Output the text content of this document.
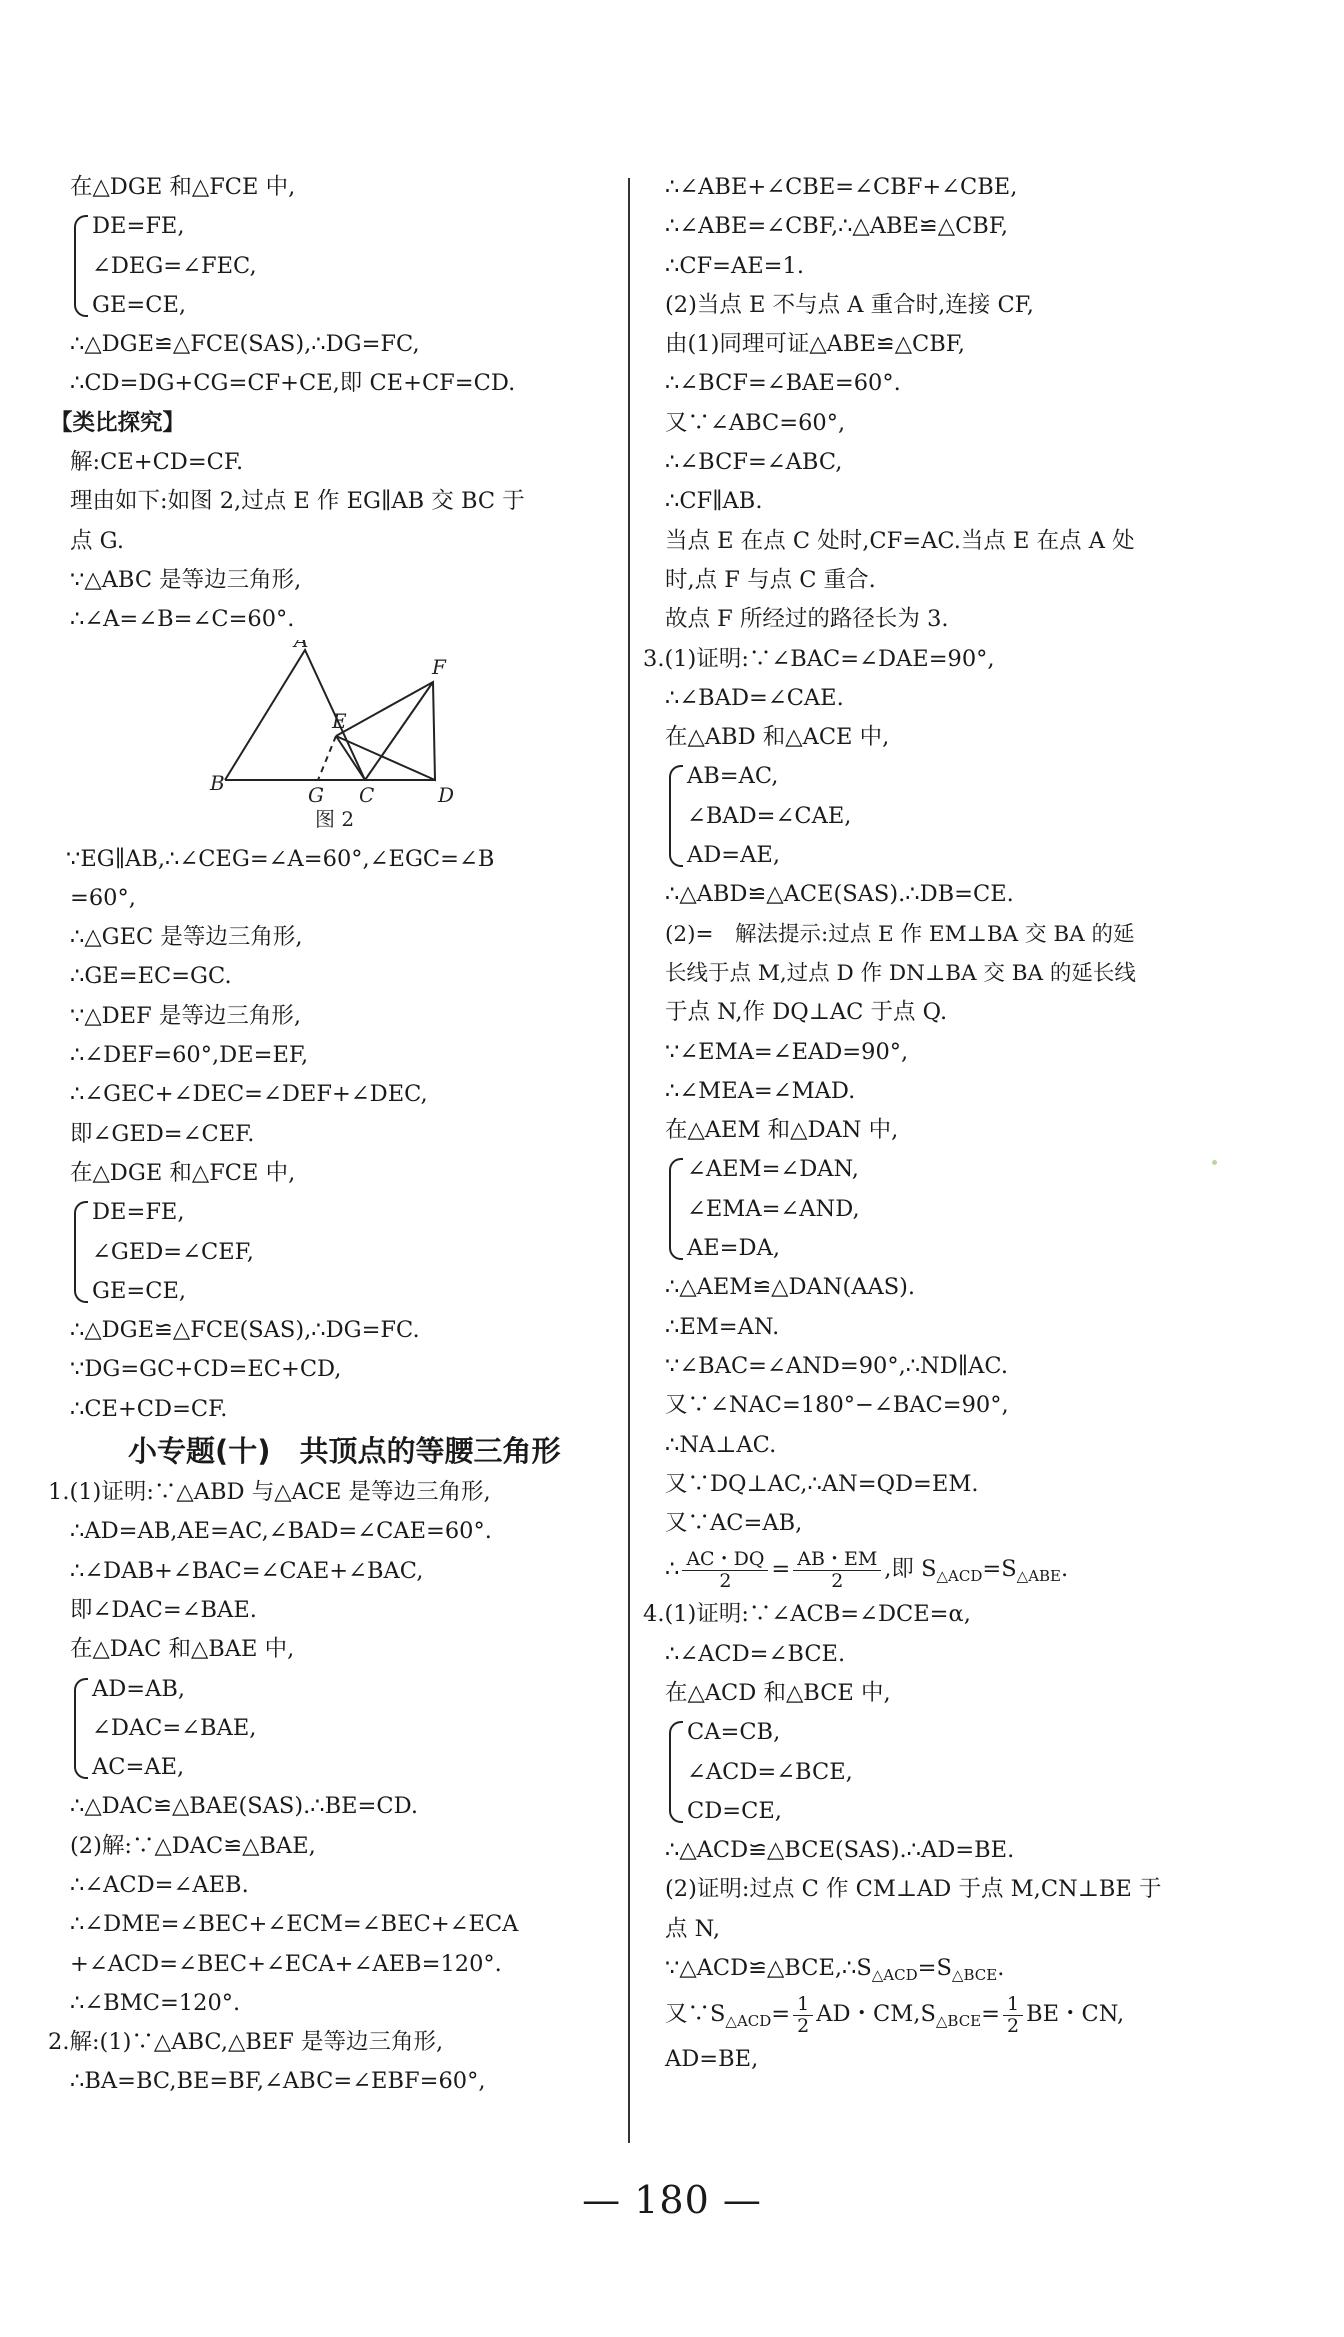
在△DGE 和△FCE 中,
DE=FE,
∠DEG=∠FEC,
GE=CE,
∴△DGE≌△FCE(SAS),∴DG=FC,
∴CD=DG+CG=CF+CE,即 CE+CF=CD.
【类比探究】
解:CE+CD=CF.
理由如下:如图 2,过点 E 作 EG∥AB 交 BC 于
点 G.
∵△ABC 是等边三角形,
∴∠A=∠B=∠C=60°.
A
B	C	D
E
F
G
图 2
∵EG∥AB,∴∠CEG=∠A=60°,∠EGC=∠B
=60°,
∴△GEC 是等边三角形,
∴GE=EC=GC.
∵△DEF 是等边三角形,
∴∠DEF=60°,DE=EF,
∴∠GEC+∠DEC=∠DEF+∠DEC,
即∠GED=∠CEF.
在△DGE 和△FCE 中,
DE=FE,
∠GED=∠CEF,
GE=CE,
∴△DGE≌△FCE(SAS),∴DG=FC.
∵DG=GC+CD=EC+CD,
∴CE+CD=CF.
小专题(十)　共顶点的等腰三角形
1.(1)证明:∵△ABD 与△ACE 是等边三角形,
∴AD=AB,AE=AC,∠BAD=∠CAE=60°.
∴∠DAB+∠BAC=∠CAE+∠BAC,
即∠DAC=∠BAE.
在△DAC 和△BAE 中,
AD=AB,
∠DAC=∠BAE,
AC=AE,
∴△DAC≌△BAE(SAS).∴BE=CD.
(2)解:∵△DAC≌△BAE,
∴∠ACD=∠AEB.
∴∠DME=∠BEC+∠ECM=∠BEC+∠ECA
+∠ACD=∠BEC+∠ECA+∠AEB=120°.
∴∠BMC=120°.
2.解:(1)∵△ABC,△BEF 是等边三角形,
∴BA=BC,BE=BF,∠ABC=∠EBF=60°,
∴∠ABE+∠CBE=∠CBF+∠CBE,
∴∠ABE=∠CBF,∴△ABE≌△CBF,
∴CF=AE=1.
(2)当点 E 不与点 A 重合时,连接 CF,
由(1)同理可证△ABE≌△CBF,
∴∠BCF=∠BAE=60°.
又∵∠ABC=60°,
∴∠BCF=∠ABC,
∴CF∥AB.
当点 E 在点 C 处时,CF=AC.当点 E 在点 A 处
时,点 F 与点 C 重合.
故点 F 所经过的路径长为 3.
3.(1)证明:∵∠BAC=∠DAE=90°,
∴∠BAD=∠CAE.
在△ABD 和△ACE 中,
AB=AC,
∠BAD=∠CAE,
AD=AE,
∴△ABD≌△ACE(SAS).∴DB=CE.
(2)=　解法提示:过点 E 作 EM⊥BA 交 BA 的延
长线于点 M,过点 D 作 DN⊥BA 交 BA 的延长线
于点 N,作 DQ⊥AC 于点 Q.
∵∠EMA=∠EAD=90°,
∴∠MEA=∠MAD.
在△AEM 和△DAN 中,
∠AEM=∠DAN,
∠EMA=∠AND,
AE=DA,
∴△AEM≌△DAN(AAS).
∴EM=AN.
∵∠BAC=∠AND=90°,∴ND∥AC.
又∵∠NAC=180°−∠BAC=90°,
∴NA⊥AC.
又∵DQ⊥AC,∴AN=QD=EM.
又∵AC=AB,
∴ $\frac{AC・DQ}{2} = \frac{AB・EM}{2}$ ,即 $S_{\triangle ACD}=S_{\triangle ABE}$.
4.(1)证明:∵∠ACB=∠DCE=α,
∴∠ACD=∠BCE.
在△ACD 和△BCE 中,
CA=CB,
∠ACD=∠BCE,
CD=CE,
∴△ACD≌△BCE(SAS).∴AD=BE.
(2)证明:过点 C 作 CM⊥AD 于点 M,CN⊥BE 于
点 N,
$\because\triangle ACD≌\triangle BCE,\therefore S_{\triangle ACD}=S_{\triangle BCE}$.
又$\because S_{\triangle ACD}= \frac{1}{2}$ AD・$CM,S_{\triangle BCE}= \frac{1}{2}$ BE・CN,
AD=BE,
— 180 —
